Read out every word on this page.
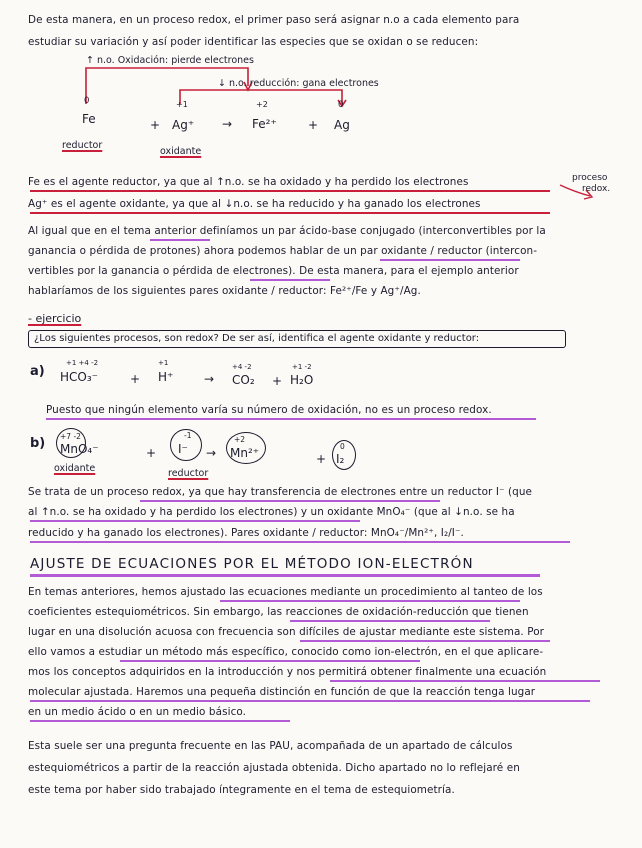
De esta manera, en un proceso redox, el primer paso será asignar n.o a cada elemento para
estudiar su variación y así poder identificar las especies que se oxidan o se reducen:
↑ n.o. Oxidación: pierde electrones
↓ n.o. reducción: gana electrones
0	+1	+2	0
Fe	+ Ag⁺ → Fe²⁺	+ Ag
reductor
oxidante
Fe es el agente reductor, ya que al ↑n.o. se ha oxidado y ha perdido los electrones
Ag⁺ es el agente oxidante, ya que al ↓n.o. se ha reducido y ha ganado los electrones
proceso
redox.
Al igual que en el tema anterior definíamos un par ácido-base conjugado (interconvertibles por la
ganancia o pérdida de protones) ahora podemos hablar de un par oxidante / reductor (intercon-
vertibles por la ganancia o pérdida de electrones). De esta manera, para el ejemplo anterior
hablaríamos de los siguientes pares oxidante / reductor: Fe²⁺/Fe y Ag⁺/Ag.
- ejercicio
¿Los siguientes procesos, son redox? De ser así, identifica el agente oxidante y reductor:
a)
+1 +4 -2	+1	+4 -2	+1 -2
HCO₃⁻	+ H⁺	→ CO₂ + H₂O
Puesto que ningún elemento varía su número de oxidación, no es un proceso redox.
b) +7 -2	-1	+2
0
MnO₄⁻	+ I⁻ → Mn²⁺	+ I₂
oxidante	reductor
Se trata de un proceso redox, ya que hay transferencia de electrones entre un reductor I⁻ (que
al ↑n.o. se ha oxidado y ha perdido los electrones) y un oxidante MnO₄⁻ (que al ↓n.o. se ha
reducido y ha ganado los electrones). Pares oxidante / reductor: MnO₄⁻/Mn²⁺, I₂/I⁻.
AJUSTE DE ECUACIONES POR EL MÉTODO ION-ELECTRÓN
En temas anteriores, hemos ajustado las ecuaciones mediante un procedimiento al tanteo de los
coeficientes estequiométricos. Sin embargo, las reacciones de oxidación-reducción que tienen
lugar en una disolución acuosa con frecuencia son difíciles de ajustar mediante este sistema. Por
ello vamos a estudiar un método más específico, conocido como ion-electrón, en el que aplicare-
mos los conceptos adquiridos en la introducción y nos permitirá obtener finalmente una ecuación
molecular ajustada. Haremos una pequeña distinción en función de que la reacción tenga lugar
en un medio ácido o en un medio básico.
Esta suele ser una pregunta frecuente en las PAU, acompañada de un apartado de cálculos
estequiométricos a partir de la reacción ajustada obtenida. Dicho apartado no lo reflejaré en
este tema por haber sido trabajado íntegramente en el tema de estequiometría.
